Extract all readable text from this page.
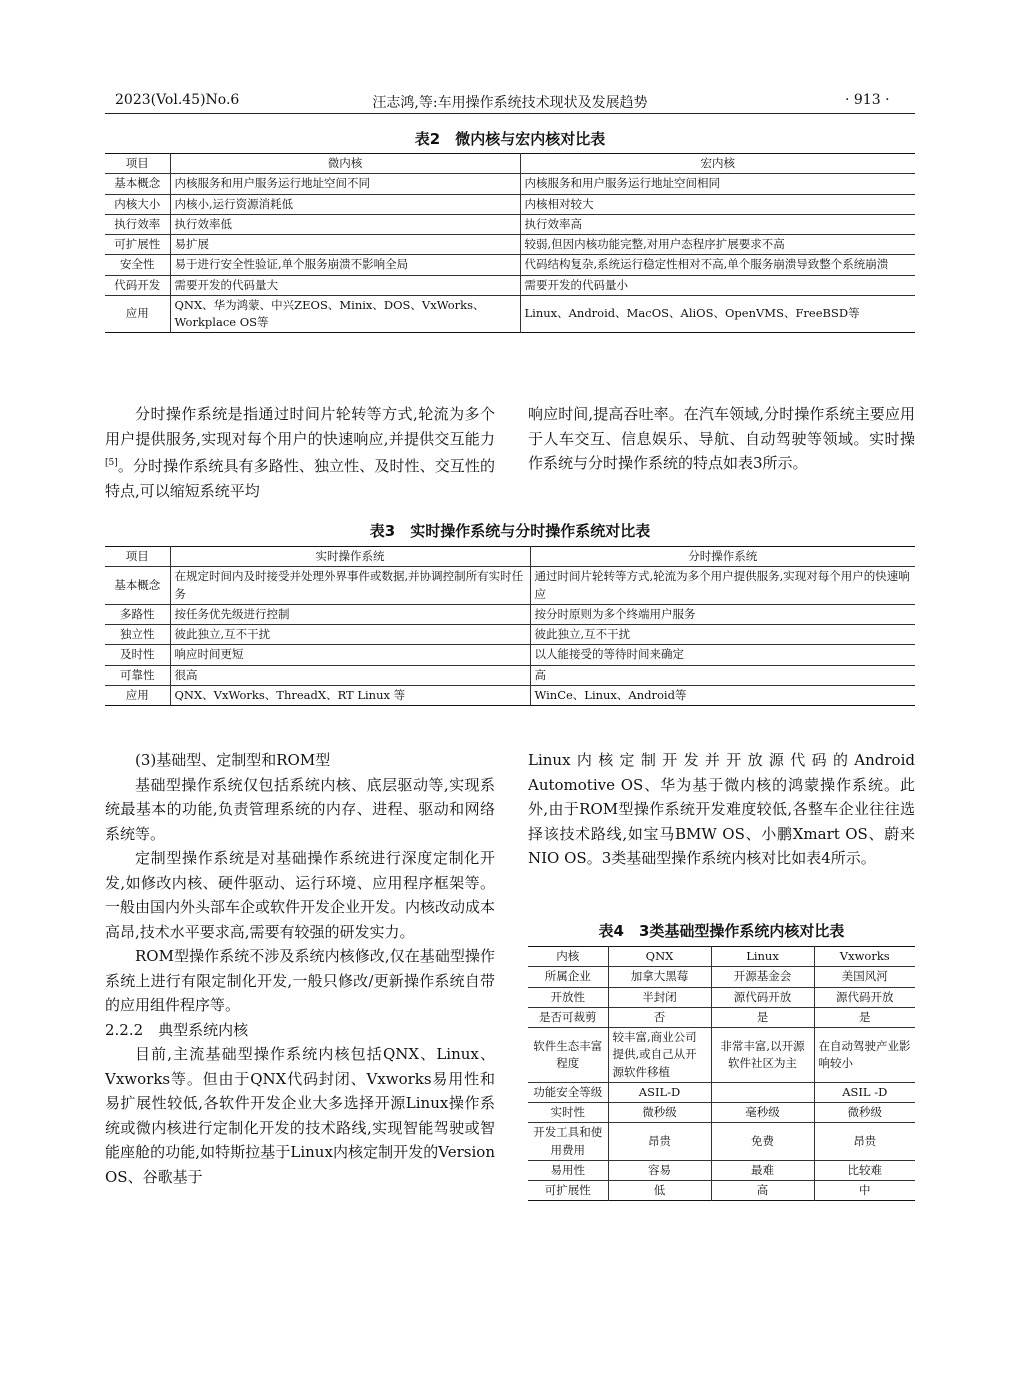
2023(Vol.45)No.6	汪志鸿,等:车用操作系统技术现状及发展趋势	· 913 ·
表2　微内核与宏内核对比表
项目	微内核	宏内核
基本概念	内核服务和用户服务运行地址空间不同	内核服务和用户服务运行地址空间相同
内核大小	内核小,运行资源消耗低	内核相对较大
执行效率	执行效率低	执行效率高
可扩展性	易扩展	较弱,但因内核功能完整,对用户态程序扩展要求不高
安全性	易于进行安全性验证,单个服务崩溃不影响全局	代码结构复杂,系统运行稳定性相对不高,单个服务崩溃导致整个系统崩溃
代码开发	需要开发的代码量大	需要开发的代码量小
应用	QNX、华为鸿蒙、中兴ZEOS、Minix、DOS、VxWorks、Workplace OS等	Linux、Android、MacOS、AliOS、OpenVMS、FreeBSD等

分时操作系统是指通过时间片轮转等方式,轮流为多个用户提供服务,实现对每个用户的快速响应,并提供交互能力[5]。分时操作系统具有多路性、独立性、及时性、交互性的特点,可以缩短系统平均

响应时间,提高吞吐率。在汽车领域,分时操作系统主要应用于人车交互、信息娱乐、导航、自动驾驶等领域。实时操作系统与分时操作系统的特点如表3所示。

表3　实时操作系统与分时操作系统对比表
项目	实时操作系统	分时操作系统
基本概念	在规定时间内及时接受并处理外界事件或数据,并协调控制所有实时任务	通过时间片轮转等方式,轮流为多个用户提供服务,实现对每个用户的快速响应
多路性	按任务优先级进行控制	按分时原则为多个终端用户服务
独立性	彼此独立,互不干扰	彼此独立,互不干扰
及时性	响应时间更短	以人能接受的等待时间来确定
可靠性	很高	高
应用	QNX、VxWorks、ThreadX、RT Linux 等	WinCe、Linux、Android等

(3)基础型、定制型和ROM型

基础型操作系统仅包括系统内核、底层驱动等,实现系统最基本的功能,负责管理系统的内存、进程、驱动和网络系统等。

定制型操作系统是对基础操作系统进行深度定制化开发,如修改内核、硬件驱动、运行环境、应用程序框架等。一般由国内外头部车企或软件开发企业开发。内核改动成本高昂,技术水平要求高,需要有较强的研发实力。

ROM型操作系统不涉及系统内核修改,仅在基础型操作系统上进行有限定制化开发,一般只修改/更新操作系统自带的应用组件程序等。

2.2.2　典型系统内核

目前,主流基础型操作系统内核包括QNX、Linux、Vxworks等。但由于QNX代码封闭、Vxworks易用性和易扩展性较低,各软件开发企业大多选择开源Linux操作系统或微内核进行定制化开发的技术路线,实现智能驾驶或智能座舱的功能,如特斯拉基于Linux内核定制开发的Version OS、谷歌基于

Linux内核定制开发并开放源代码的Android Automotive OS、华为基于微内核的鸿蒙操作系统。此外,由于ROM型操作系统开发难度较低,各整车企业往往选择该技术路线,如宝马BMW OS、小鹏Xmart OS、蔚来NIO OS。3类基础型操作系统内核对比如表4所示。

表4　3类基础型操作系统内核对比表
内核	QNX	Linux	Vxworks
所属企业	加拿大黑莓	开源基金会	美国风河
开放性	半封闭	源代码开放	源代码开放
是否可裁剪	否	是	是
软件生态丰富程度	较丰富,商业公司提供,或自己从开源软件移植	非常丰富,以开源软件社区为主	在自动驾驶产业影响较小
功能安全等级	ASIL-D		ASIL -D
实时性	微秒级	毫秒级	微秒级
开发工具和使用费用	昂贵	免费	昂贵
易用性	容易	最难	比较难
可扩展性	低	高	中
